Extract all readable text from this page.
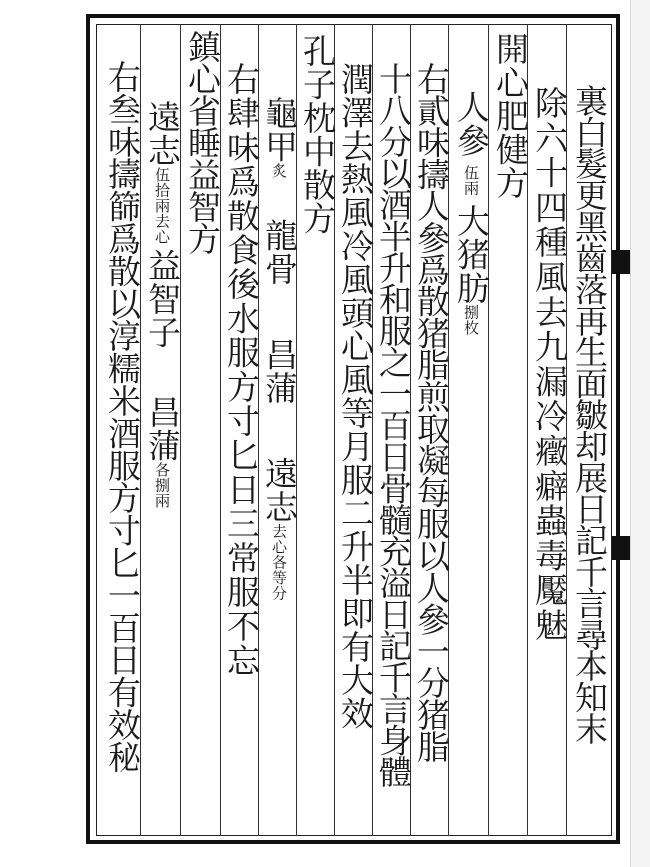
裏白髮更黑齒落再生面皺却展日記千言尋本知末
除六十四種風去九漏冷癥癖蟲毒魘魅
開心肥健方
人參伍兩大猪肪捌枚
右貳味擣人參爲散猪脂煎取凝每服以人參一分猪脂
十八分以酒半升和服之一百日骨髓充溢日記千言身體
潤澤去熱風冷風頭心風等月服二升半即有大效
孔子枕中散方
龜甲炙龍骨昌蒲遠志去心各等分
右肆味爲散食後水服方寸匕日三常服不忘
鎮心省睡益智方
遠志伍拾兩去心益智子昌蒲各捌兩
右叁味擣篩爲散以淳糯米酒服方寸匕一百日有效秘
